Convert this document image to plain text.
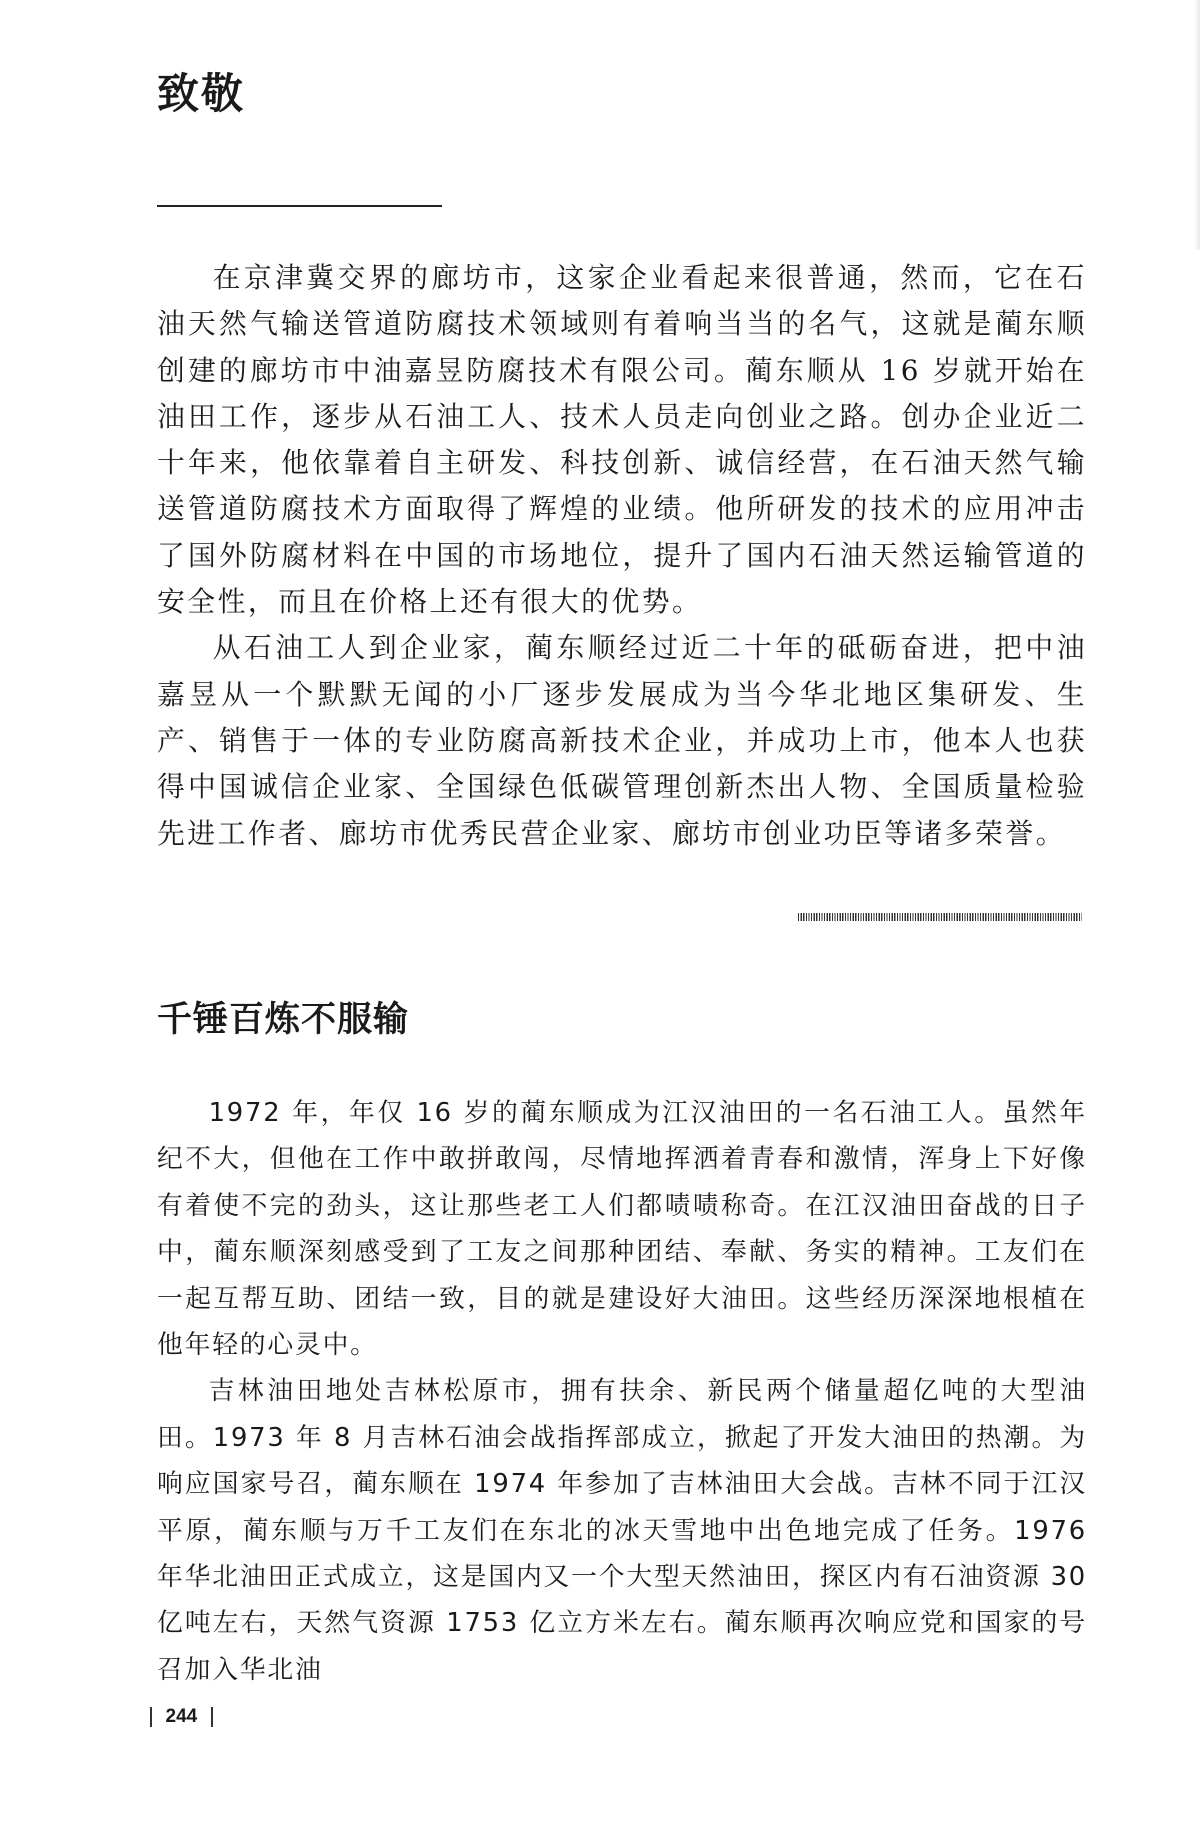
致敬

在京津冀交界的廊坊市，这家企业看起来很普通，然而，它在石油天然气输送管道防腐技术领域则有着响当当的名气，这就是蔺东顺创建的廊坊市中油嘉昱防腐技术有限公司。蔺东顺从 16 岁就开始在油田工作，逐步从石油工人、技术人员走向创业之路。创办企业近二十年来，他依靠着自主研发、科技创新、诚信经营，在石油天然气输送管道防腐技术方面取得了辉煌的业绩。他所研发的技术的应用冲击了国外防腐材料在中国的市场地位，提升了国内石油天然运输管道的安全性，而且在价格上还有很大的优势。

从石油工人到企业家，蔺东顺经过近二十年的砥砺奋进，把中油嘉昱从一个默默无闻的小厂逐步发展成为当今华北地区集研发、生产、销售于一体的专业防腐高新技术企业，并成功上市，他本人也获得中国诚信企业家、全国绿色低碳管理创新杰出人物、全国质量检验先进工作者、廊坊市优秀民营企业家、廊坊市创业功臣等诸多荣誉。

千锤百炼不服输

1972 年，年仅 16 岁的蔺东顺成为江汉油田的一名石油工人。虽然年纪不大，但他在工作中敢拼敢闯，尽情地挥洒着青春和激情，浑身上下好像有着使不完的劲头，这让那些老工人们都啧啧称奇。在江汉油田奋战的日子中，蔺东顺深刻感受到了工友之间那种团结、奉献、务实的精神。工友们在一起互帮互助、团结一致，目的就是建设好大油田。这些经历深深地根植在他年轻的心灵中。

吉林油田地处吉林松原市，拥有扶余、新民两个储量超亿吨的大型油田。1973 年 8 月吉林石油会战指挥部成立，掀起了开发大油田的热潮。为响应国家号召，蔺东顺在 1974 年参加了吉林油田大会战。吉林不同于江汉平原，蔺东顺与万千工友们在东北的冰天雪地中出色地完成了任务。1976 年华北油田正式成立，这是国内又一个大型天然油田，探区内有石油资源 30 亿吨左右，天然气资源 1753 亿立方米左右。蔺东顺再次响应党和国家的号召加入华北油

244
